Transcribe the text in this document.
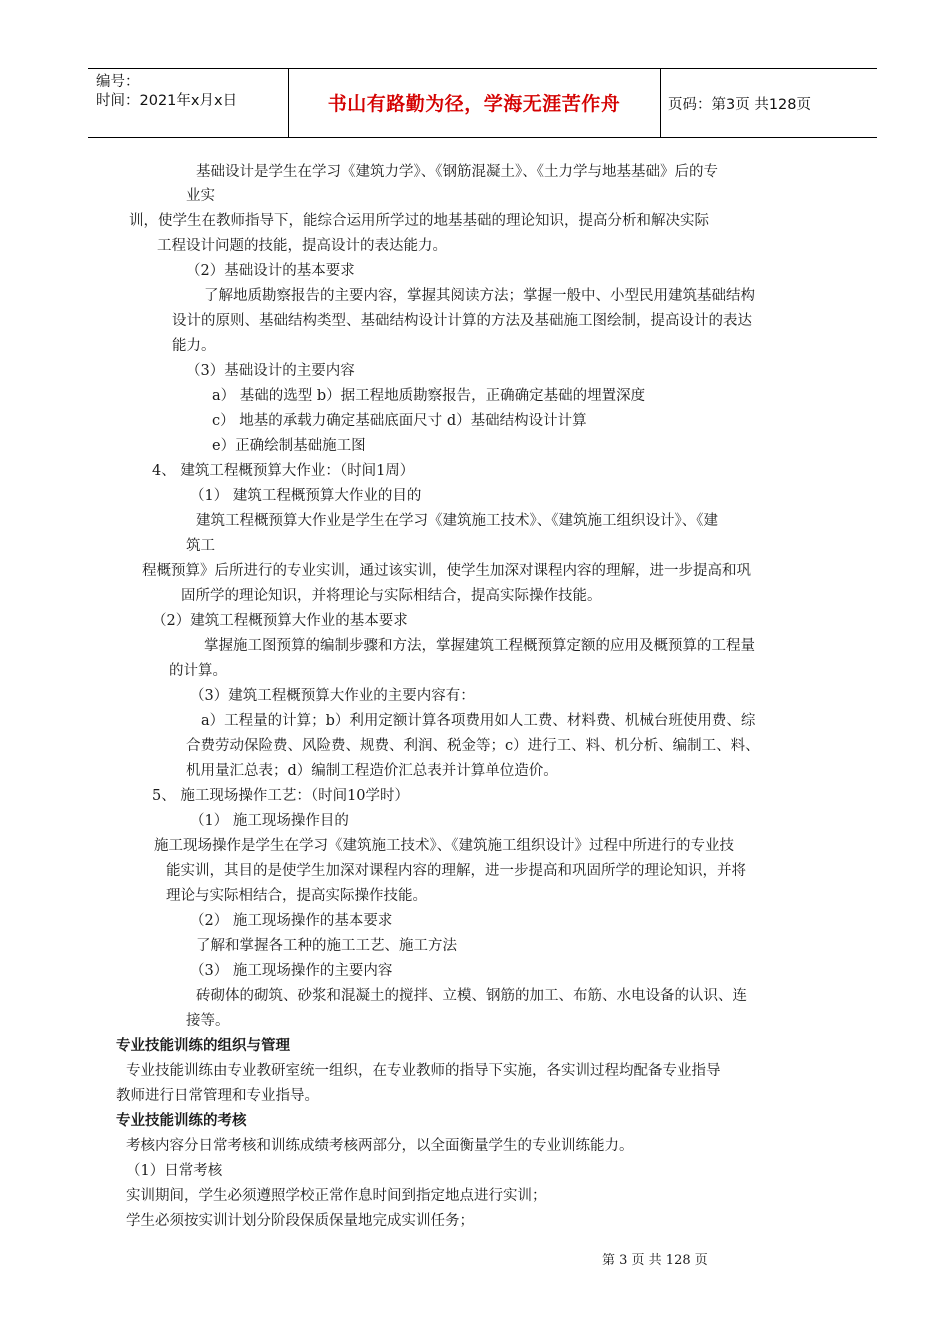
编号：
时间：2021年x月x日	书山有路勤为径，学海无涯苦作舟	页码：第3页 共128页
基础设计是学生在学习《建筑力学》、《钢筋混凝土》、《土力学与地基基础》后的专
业实
训，使学生在教师指导下，能综合运用所学过的地基基础的理论知识，提高分析和解决实际
工程设计问题的技能，提高设计的表达能力。
（2）基础设计的基本要求
了解地质勘察报告的主要内容，掌握其阅读方法；掌握一般中、小型民用建筑基础结构
设计的原则、基础结构类型、基础结构设计计算的方法及基础施工图绘制，提高设计的表达
能力。
（3）基础设计的主要内容
a） 基础的选型 b）据工程地质勘察报告，正确确定基础的埋置深度
c） 地基的承载力确定基础底面尺寸 d）基础结构设计计算
e）正确绘制基础施工图
4、 建筑工程概预算大作业：（时间1周）
（1） 建筑工程概预算大作业的目的
建筑工程概预算大作业是学生在学习《建筑施工技术》、《建筑施工组织设计》、《建
筑工
程概预算》后所进行的专业实训，通过该实训，使学生加深对课程内容的理解，进一步提高和巩
固所学的理论知识，并将理论与实际相结合，提高实际操作技能。
（2）建筑工程概预算大作业的基本要求
掌握施工图预算的编制步骤和方法，掌握建筑工程概预算定额的应用及概预算的工程量
的计算。
（3）建筑工程概预算大作业的主要内容有：
a）工程量的计算；b）利用定额计算各项费用如人工费、材料费、机械台班使用费、综
合费劳动保险费、风险费、规费、利润、税金等；c）进行工、料、机分析、编制工、料、
机用量汇总表；d）编制工程造价汇总表并计算单位造价。
5、 施工现场操作工艺：（时间10学时）
（1） 施工现场操作目的
施工现场操作是学生在学习《建筑施工技术》、《建筑施工组织设计》过程中所进行的专业技
能实训，其目的是使学生加深对课程内容的理解，进一步提高和巩固所学的理论知识，并将
理论与实际相结合，提高实际操作技能。
（2） 施工现场操作的基本要求
了解和掌握各工种的施工工艺、施工方法
（3） 施工现场操作的主要内容
砖砌体的砌筑、砂浆和混凝土的搅拌、立模、钢筋的加工、布筋、水电设备的认识、连
接等。
专业技能训练的组织与管理
专业技能训练由专业教研室统一组织，在专业教师的指导下实施，各实训过程均配备专业指导
教师进行日常管理和专业指导。
专业技能训练的考核
考核内容分日常考核和训练成绩考核两部分，以全面衡量学生的专业训练能力。
（1）日常考核
实训期间，学生必须遵照学校正常作息时间到指定地点进行实训；
学生必须按实训计划分阶段保质保量地完成实训任务；
第 3 页 共 128 页
